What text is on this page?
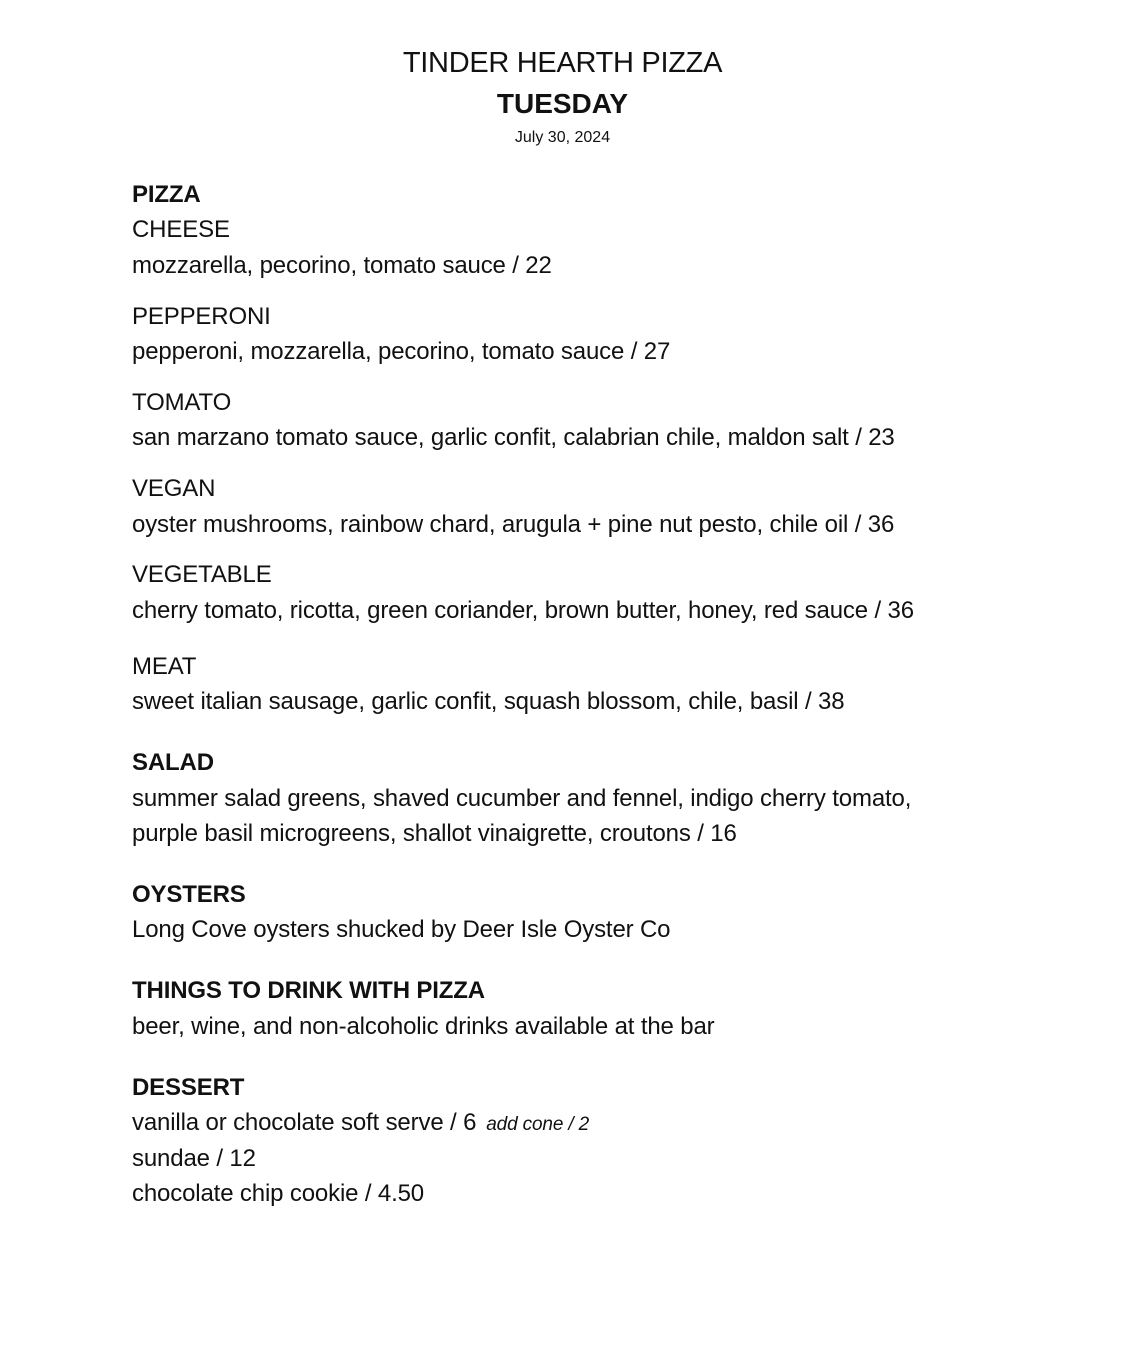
TINDER HEARTH PIZZA
TUESDAY
July 30, 2024
PIZZA
CHEESE
mozzarella, pecorino, tomato sauce / 22
PEPPERONI
pepperoni, mozzarella, pecorino, tomato sauce / 27
TOMATO
san marzano tomato sauce, garlic confit, calabrian chile, maldon salt / 23
VEGAN
oyster mushrooms, rainbow chard, arugula + pine nut pesto, chile oil / 36
VEGETABLE
cherry tomato, ricotta, green coriander, brown butter, honey, red sauce / 36
MEAT
sweet italian sausage, garlic confit, squash blossom, chile, basil / 38
SALAD
summer salad greens, shaved cucumber and fennel, indigo cherry tomato,
purple basil microgreens, shallot vinaigrette, croutons / 16
OYSTERS
Long Cove oysters shucked by Deer Isle Oyster Co
THINGS TO DRINK WITH PIZZA
beer, wine, and non-alcoholic drinks available at the bar
DESSERT
vanilla or chocolate soft serve / 6 add cone / 2
sundae / 12
chocolate chip cookie / 4.50
